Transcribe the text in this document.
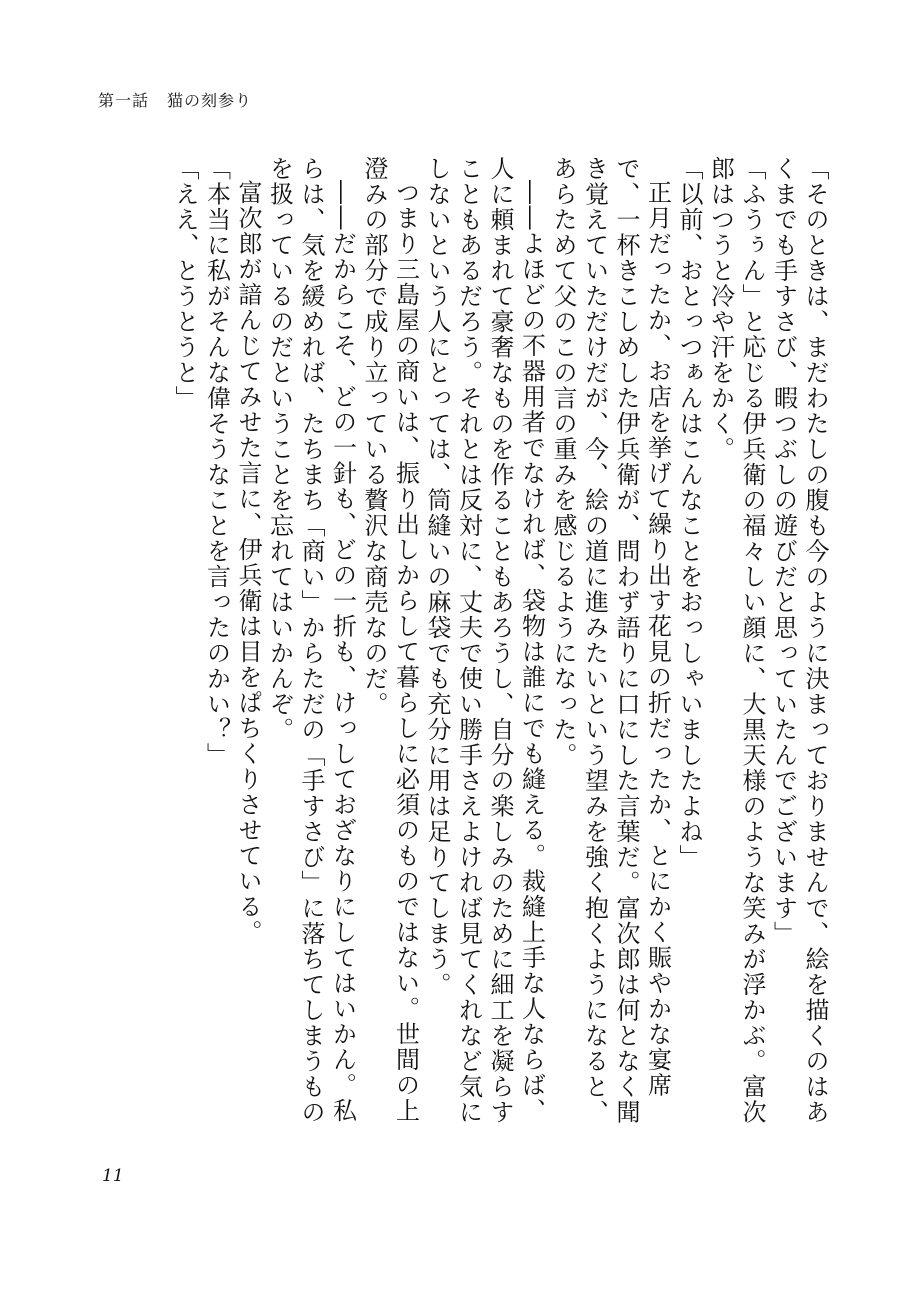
第一話 猫の刻参り

「そのときは、まだわたしの腹も今のように決まっておりませんで、絵を描くのはあくまでも手すさび、暇つぶしの遊びだと思っていたんでございます」

「ふうぅん」と応じる伊兵衛の福々しい顔に、大黒天様のような笑みが浮かぶ。富次郎はつうと冷や汗をかく。

「以前、おとっつぁんはこんなことをおっしゃいましたよね」

正月だったか、お店を挙げて繰り出す花見の折だったか、とにかく賑やかな宴席で、一杯きこしめした伊兵衛が、問わず語りに口にした言葉だ。富次郎は何となく聞き覚えていただけだが、今、絵の道に進みたいという望みを強く抱くようになると、あらためて父のこの言の重みを感じるようになった。

――よほどの不器用者でなければ、袋物は誰にでも縫える。裁縫上手な人ならば、人に頼まれて豪奢なものを作ることもあろうし、自分の楽しみのために細工を凝らすこともあるだろう。それとは反対に、丈夫で使い勝手さえよければ見てくれなど気にしないという人にとっては、筒縫いの麻袋でも充分に用は足りてしまう。

つまり三島屋の商いは、振り出しからして暮らしに必須のものではない。世間の上澄みの部分で成り立っている贅沢な商売なのだ。

――だからこそ、どの一針も、どの一折も、けっしておざなりにしてはいかん。私らは、気を緩めれば、たちまち「商い」からただの「手すさび」に落ちてしまうものを扱っているのだということを忘れてはいかんぞ。

富次郎が諳んじてみせた言に、伊兵衛は目をぱちくりさせている。

「本当に私がそんな偉そうなことを言ったのかい？」

「ええ、とうとうと」

11
